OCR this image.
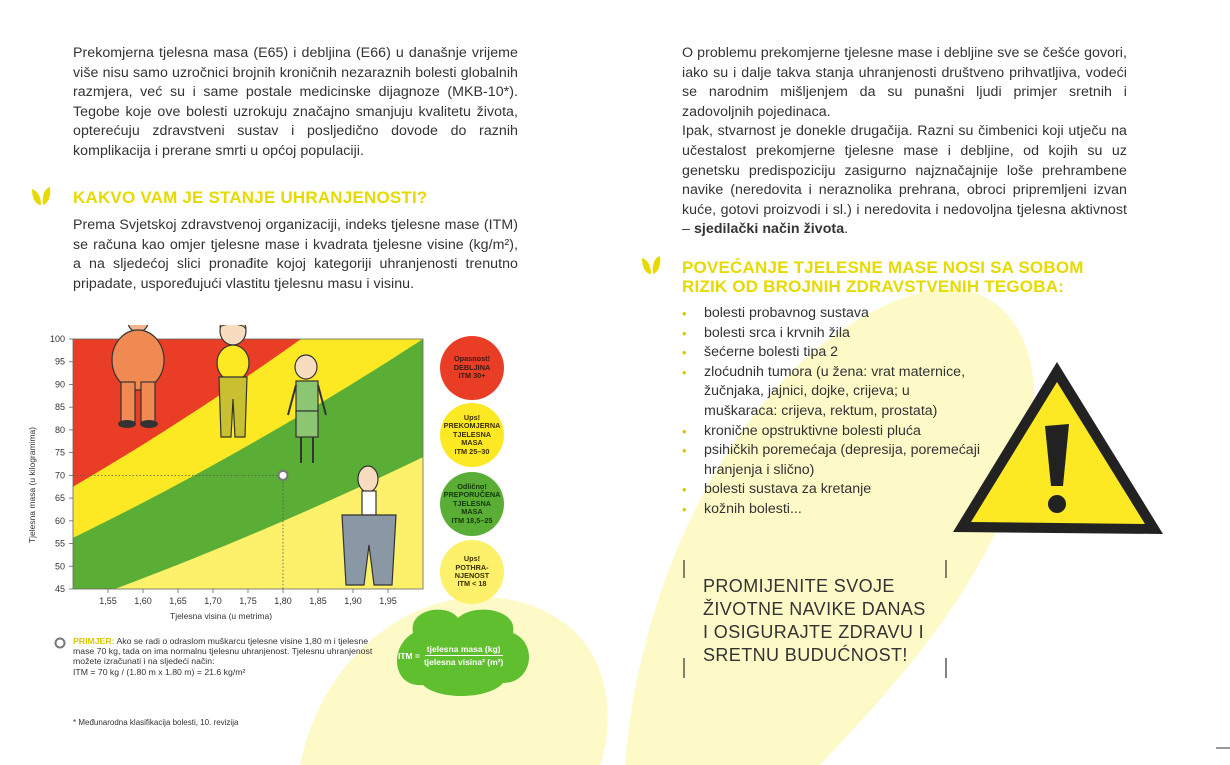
Prekomjerna tjelesna masa (E65) i debljina (E66) u današnje vrijeme više nisu samo uzročnici brojnih kroničnih nezaraznih bolesti globalnih razmjera, već su i same postale medicinske dijagnoze (MKB-10*). Tegobe koje ove bolesti uzrokuju značajno smanjuju kvalitetu života, opterećuju zdravstveni sustav i posljedično dovode do raznih komplikacija i prerane smrti u općoj populaciji.
KAKVO VAM JE STANJE UHRANJENOSTI?
Prema Svjetskoj zdravstvenoj organizaciji, indeks tjelesne mase (ITM) se računa kao omjer tjelesne mase i kvadrata tjelesne visine (kg/m²), a na sljedećoj slici pronađite kojoj kategoriji uhranjenosti trenutno pripadate, uspoređujući vlastitu tjelesnu masu i visinu.
45
50
55
60
65
70
75
80
85
90
95
100
1,55 1,60 1,65 1,70 1,75 1,80 1,85 1,90 1,95
Tjelesna visina (u metrima)
Tjelesna masa (u kilogramima)
Opasnost!
DEBLJINA
ITM 30+
Ups!
PREKOMJERNA
TJELESNA
MASA
ITM 25–30
Odlično!
PREPORUČENA
TJELESNA
MASA
ITM 18,5–25
Ups!
POTHRA-
NJENOST
ITM < 18
PRIMJER: Ako se radi o odraslom muškarcu tjelesne visine 1,80 m i tjelesne mase 70 kg, tada on ima normalnu tjelesnu uhranjenost. Tjelesnu uhranjenost možete izračunati i na sljedeći način:
ITM = 70 kg / (1.80 m x 1.80 m) = 21.6 kg/m²
ITM =
tjelesna masa (kg)
tjelesna visina² (m²)
* Međunarodna klasifikacija bolesti, 10. revizija
O problemu prekomjerne tjelesne mase i debljine sve se češće govori, iako su i dalje takva stanja uhranjenosti društveno prihvatljiva, vodeći se narodnim mišljenjem da su punašni ljudi primjer sretnih i zadovoljnih pojedinaca.
Ipak, stvarnost je donekle drugačija. Razni su čimbenici koji utječu na učestalost prekomjerne tjelesne mase i debljine, od kojih su uz genetsku predispoziciju zasigurno najznačajnije loše prehrambene navike (neredovita i neraznolika prehrana, obroci pripremljeni izvan kuće, gotovi proizvodi i sl.) i neredovita i nedovoljna tjelesna aktivnost – sjedilački način života.
POVEĆANJE TJELESNE MASE NOSI SA SOBOM
RIZIK OD BROJNIH ZDRAVSTVENIH TEGOBA:
• bolesti probavnog sustava
• bolesti srca i krvnih žila
• šećerne bolesti tipa 2
• zloćudnih tumora (u žena: vrat maternice, žučnjaka, jajnici, dojke, crijeva; u muškaraca: crijeva, rektum, prostata)
• kronične opstruktivne bolesti pluća
• psihičkih poremećaja (depresija, poremećaji hranjenja i slično)
• bolesti sustava za kretanje
• kožnih bolesti...
PROMIJENITE SVOJE
ŽIVOTNE NAVIKE DANAS
I OSIGURAJTE ZDRAVU I
SRETNU BUDUĆNOST!
